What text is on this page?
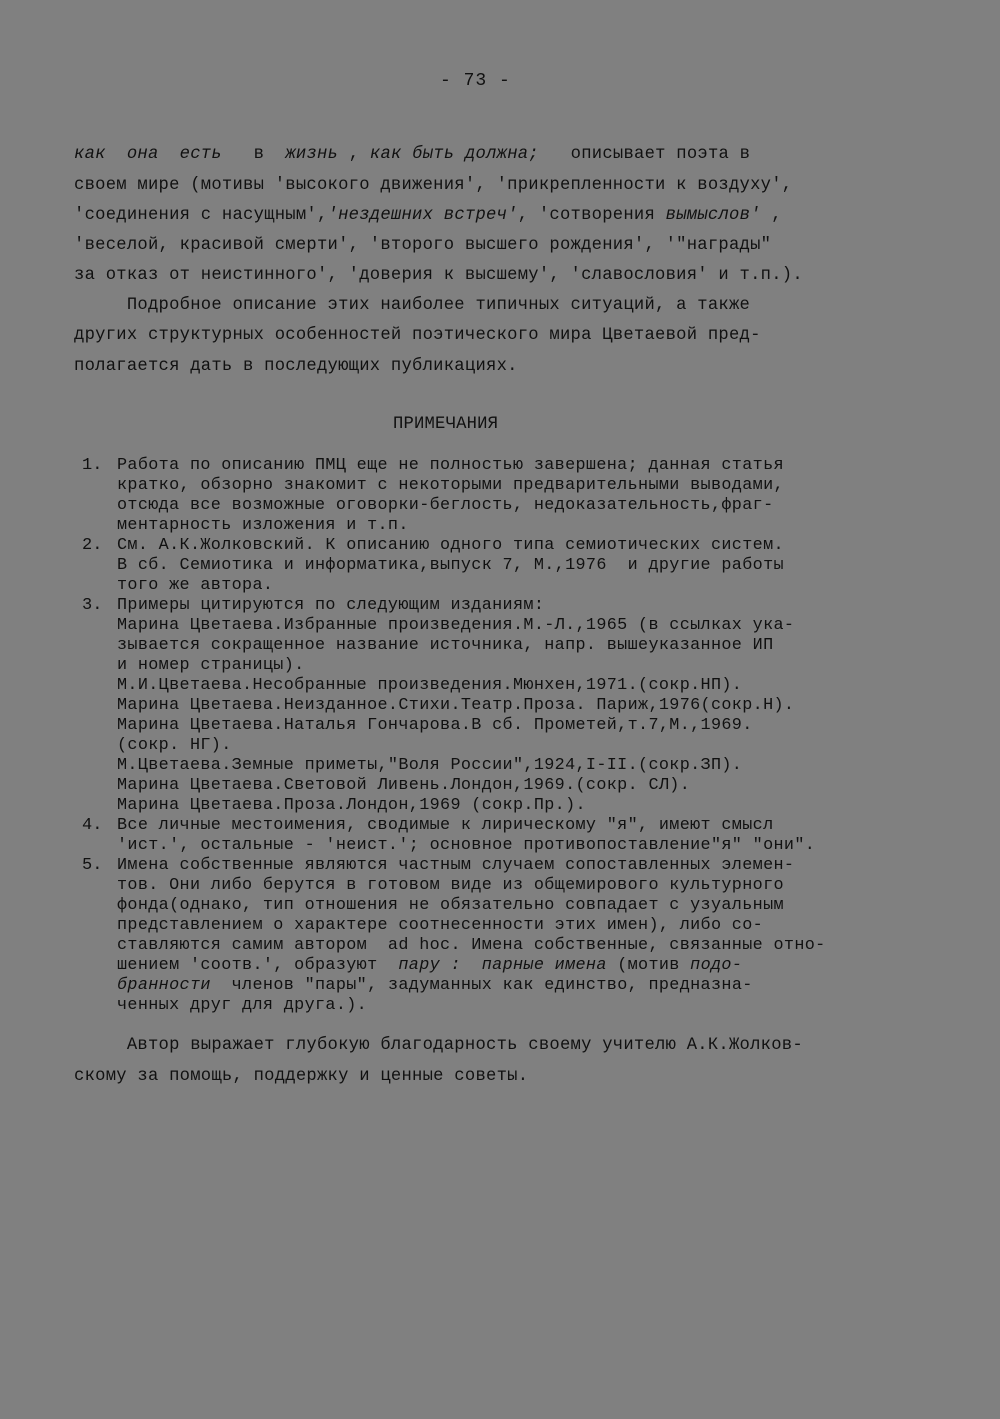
- 73 -
как  она  есть в жизнь , как быть должна; описывает поэта в
своем мире (мотивы 'высокого движения', 'прикрепленности к воздуху',
'соединения с насущным','нездешних встреч', 'сотворения вымыслов' ,
'веселой, красивой смерти', 'второго высшего рождения', '"награды"
за отказ от неистинного', 'доверия к высшему', 'славословия' и т.п.).
Подробное описание этих наиболее типичных ситуаций, а также
других структурных особенностей поэтического мира Цветаевой пред-
полагается дать в последующих публикациях.
ПРИМЕЧАНИЯ
1. Работа по описанию ПМЦ еще не полностью завершена; данная статья
кратко, обзорно знакомит с некоторыми предварительными выводами,
отсюда все возможные оговорки-беглость, недоказательность,фраг-
ментарность изложения и т.п.
2. См. А.К.Жолковский. К описанию одного типа семиотических систем.
В сб. Семиотика и информатика,выпуск 7, М.,1976  и другие работы
того же автора.
3. Примеры цитируются по следующим изданиям:
Марина Цветаева.Избранные произведения.М.-Л.,1965 (в ссылках ука-
зывается сокращенное название источника, напр. вышеуказанное ИП
и номер страницы).
М.И.Цветаева.Несобранные произведения.Мюнхен,1971.(сокр.НП).
Марина Цветаева.Неизданное.Стихи.Театр.Проза. Париж,1976(сокр.Н).
Марина Цветаева.Наталья Гончарова.В сб. Прометей,т.7,М.,1969.
(сокр. НГ).
М.Цветаева.Земные приметы,"Воля России",1924,I-II.(сокр.ЗП).
Марина Цветаева.Световой Ливень.Лондон,1969.(сокр. СЛ).
Марина Цветаева.Проза.Лондон,1969 (сокр.Пр.).
4. Все личные местоимения, сводимые к лирическому "я", имеют смысл
'ист.', остальные - 'неист.'; основное противопоставление"я" "они".
5. Имена собственные являются частным случаем сопоставленных элемен-
тов. Они либо берутся в готовом виде из общемирового культурного
фонда(однако, тип отношения не обязательно совпадает с узуальным
представлением о характере соотнесенности этих имен), либо со-
ставляются самим автором  ad hoc. Имена собственные, связанные отно-
шением 'соотв.', образуют пару :  парные имена (мотив подо-
бранности членов "пары", задуманных как единство, предназна-
ченных друг для друга.).
Автор выражает глубокую благодарность своему учителю А.К.Жолков-
скому за помощь, поддержку и ценные советы.
